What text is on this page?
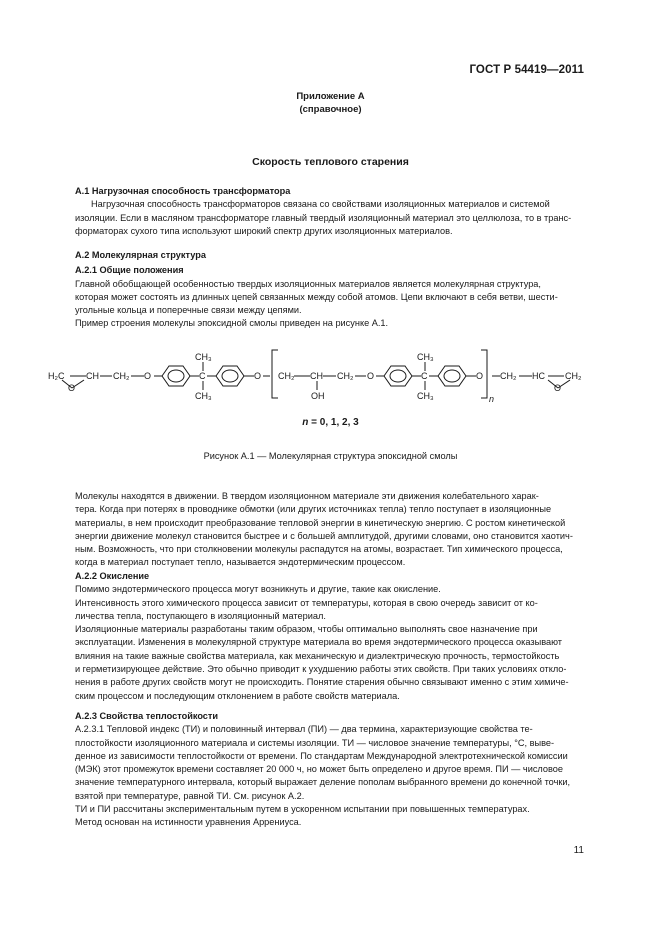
ГОСТ Р 54419—2011
Приложение А
(справочное)
Скорость теплового старения
А.1 Нагрузочная способность трансформатора
Нагрузочная способность трансформаторов связана со свойствами изоляционных материалов и системой
изоляции. Если в масляном трансформаторе главный твердый изоляционный материал это целлюлоза, то в транс-
форматорах сухого типа используют широкий спектр других изоляционных материалов.
А.2 Молекулярная структура
А.2.1 Общие положения
Главной обобщающей особенностью твердых изоляционных материалов является молекулярная структура,
которая может состоять из длинных цепей связанных между собой атомов. Цепи включают в себя ветви, шести-
угольные кольца и поперечные связи между цепями.
Пример строения молекулы эпоксидной смолы приведен на рисунке А.1.
H₂C
O
CH CH₂ O
CH₃
C
CH₃
O CH₂ CH
OH
CH₂ O
CH₃
C
CH₃
O
n
CH₂ HC
O
CH₂
n = 0, 1, 2, 3
Рисунок А.1 — Молекулярная структура эпоксидной смолы
Молекулы находятся в движении. В твердом изоляционном материале эти движения колебательного харак-
тера. Когда при потерях в проводнике обмотки (или других источниках тепла) тепло поступает в изоляционные
материалы, в нем происходит преобразование тепловой энергии в кинетическую энергию. С ростом кинетической
энергии движение молекул становится быстрее и с большей амплитудой, другими словами, оно становится хаотич-
ным. Возможность, что при столкновении молекулы распадутся на атомы, возрастает. Тип химического процесса,
когда в материал поступает тепло, называется эндотермическим процессом.
А.2.2 Окисление
Помимо эндотермического процесса могут возникнуть и другие, такие как окисление.
Интенсивность этого химического процесса зависит от температуры, которая в свою очередь зависит от ко-
личества тепла, поступающего в изоляционный материал.
Изоляционные материалы разработаны таким образом, чтобы оптимально выполнять свое назначение при
эксплуатации. Изменения в молекулярной структуре материала во время эндотермического процесса оказывают
влияния на такие важные свойства материала, как механическую и диэлектрическую прочность, термостойкость
и герметизирующее действие. Это обычно приводит к ухудшению работы этих свойств. При таких условиях откло-
нения в работе других свойств могут не происходить. Понятие старения обычно связывают именно с этим химиче-
ским процессом и последующим отклонением в работе свойств материала.
А.2.3 Свойства теплостойкости
А.2.3.1 Тепловой индекс (ТИ) и половинный интервал (ПИ) — два термина, характеризующие свойства те-
плостойкости изоляционного материала и системы изоляции. ТИ — числовое значение температуры, °С, выве-
денное из зависимости теплостойкости от времени. По стандартам Международной электротехнической комиссии
(МЭК) этот промежуток времени составляет 20 000 ч, но может быть определено и другое время. ПИ — числовое
значение температурного интервала, который выражает деление пополам выбранного времени до конечной точки,
взятой при температуре, равной ТИ. См. рисунок А.2.
ТИ и ПИ рассчитаны экспериментальным путем в ускоренном испытании при повышенных температурах.
Метод основан на истинности уравнения Аррениуса.
11
